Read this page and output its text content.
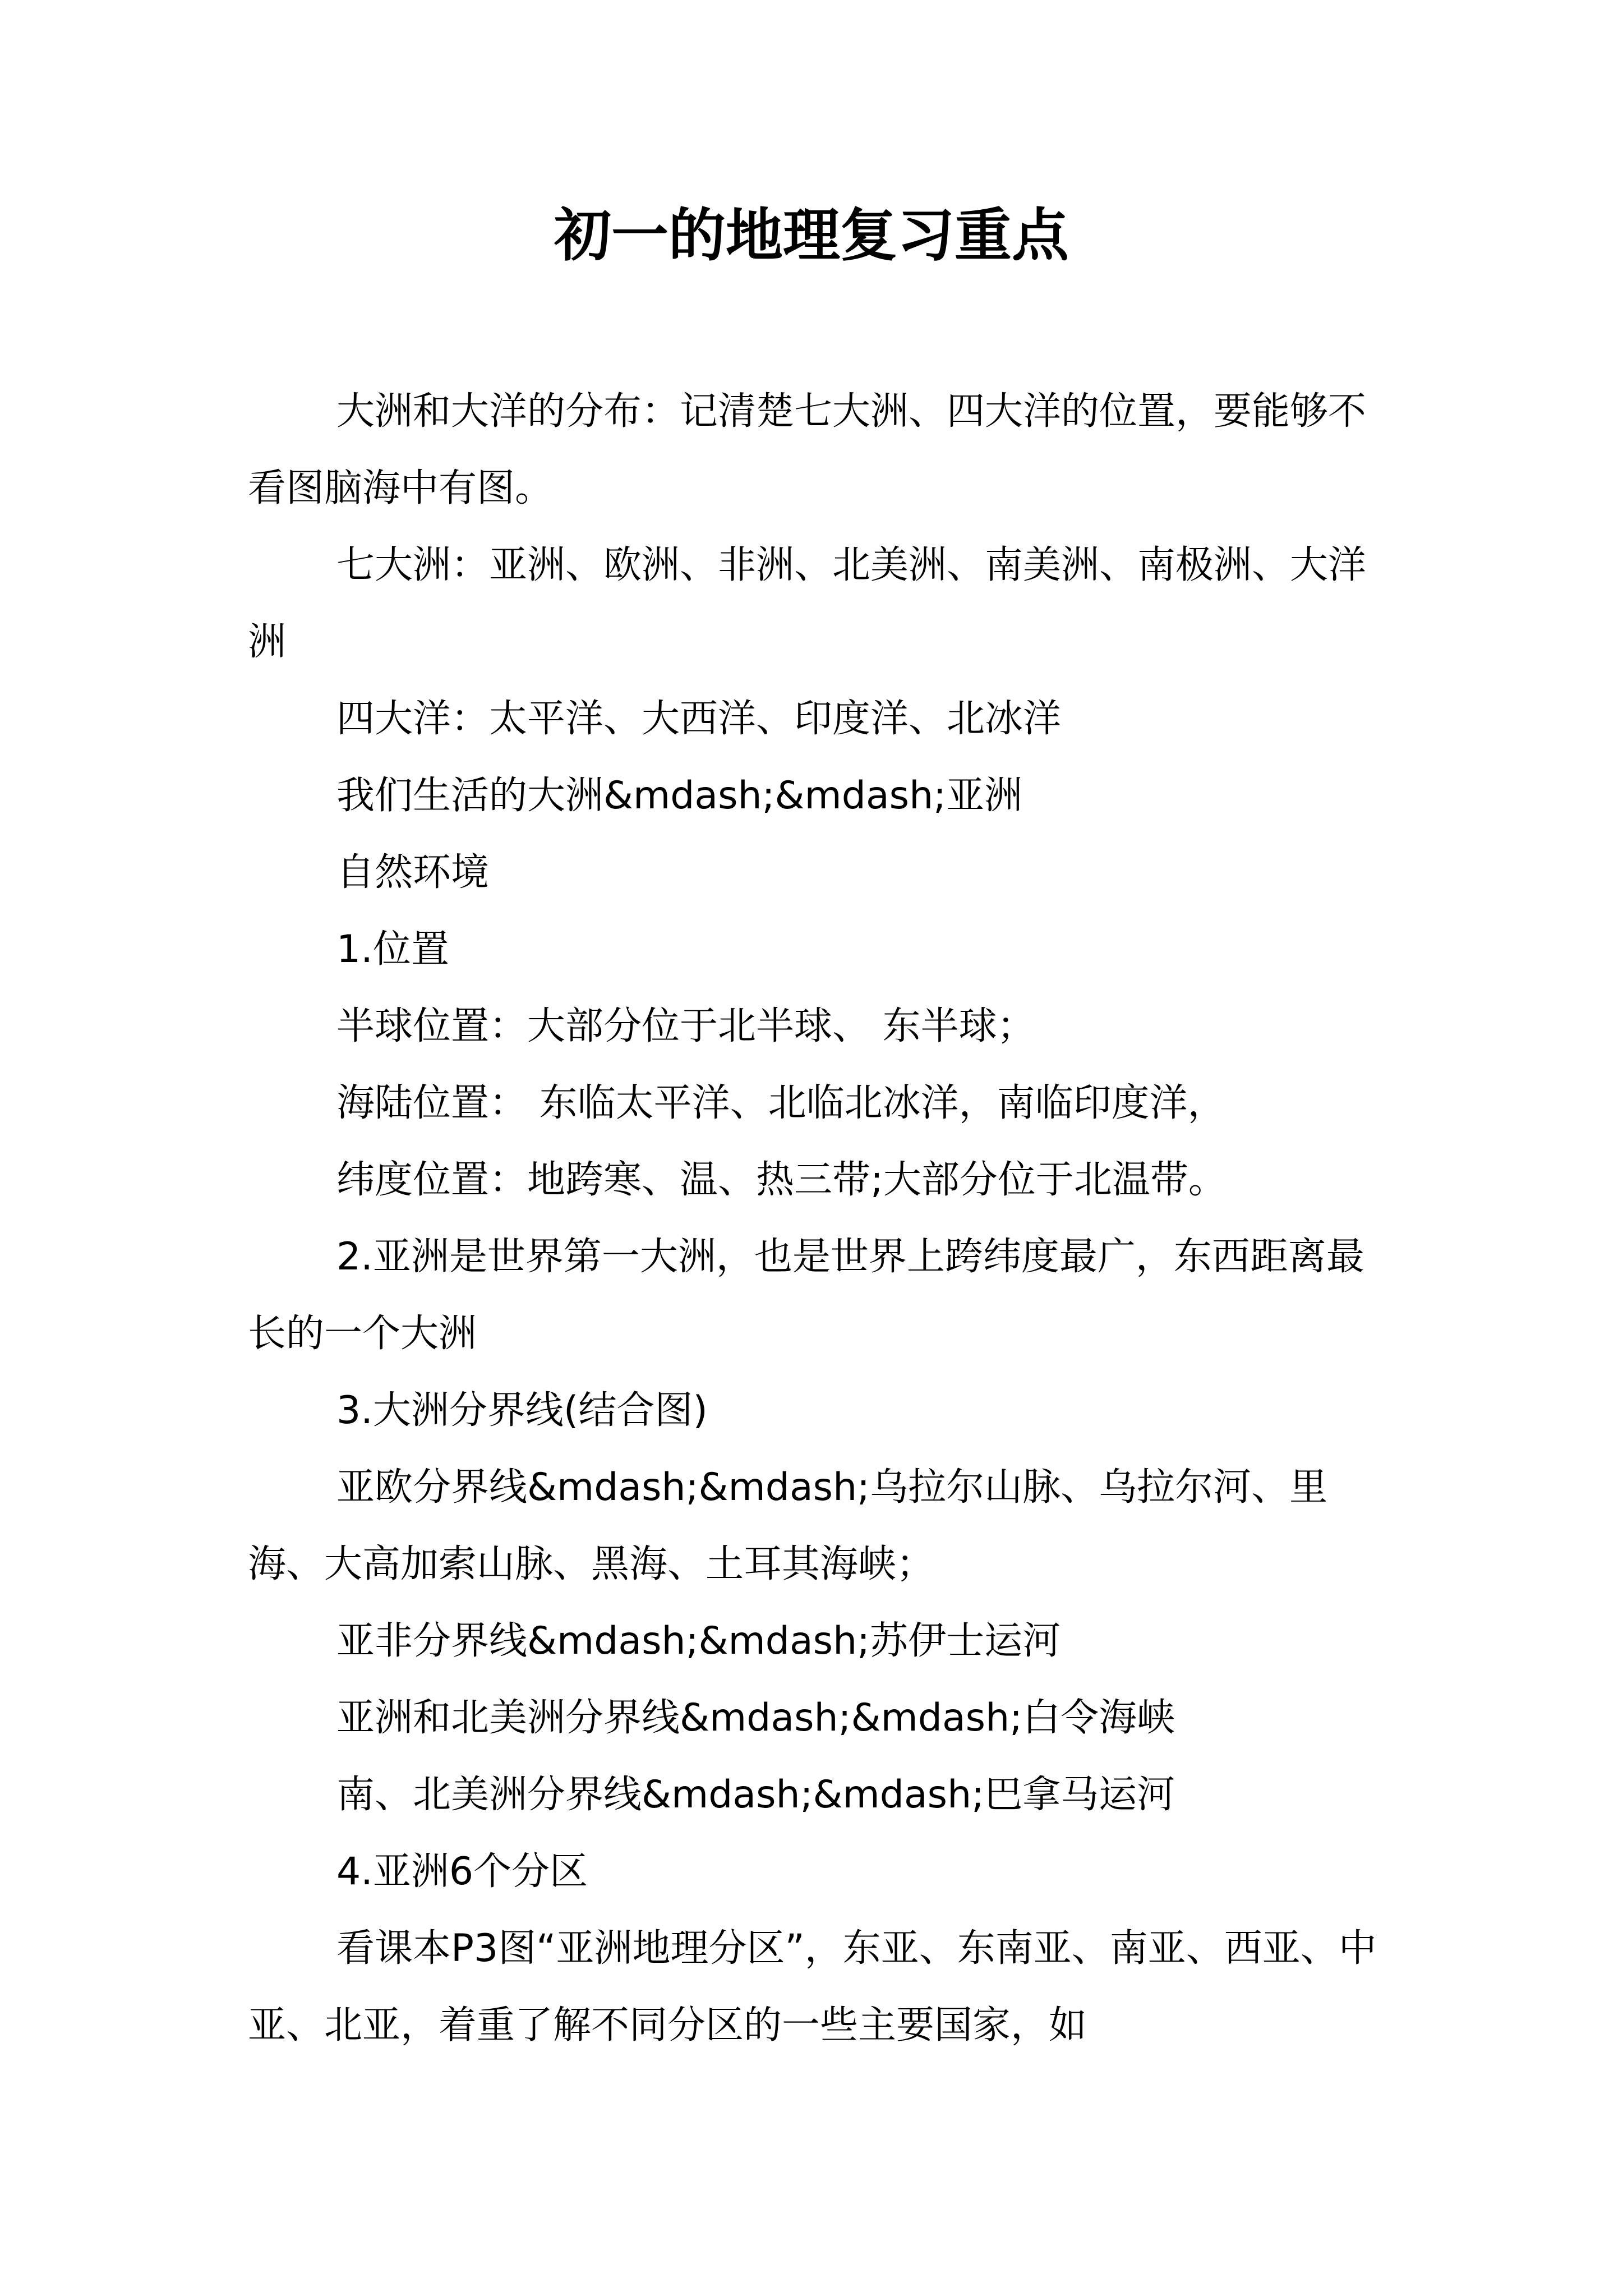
初一的地理复习重点

大洲和大洋的分布：记清楚七大洲、四大洋的位置，要能够不看图脑海中有图。

七大洲：亚洲、欧洲、非洲、北美洲、南美洲、南极洲、大洋洲

四大洋：太平洋、大西洋、印度洋、北冰洋

我们生活的大洲&mdash;&mdash;亚洲

自然环境

1.位置

半球位置：大部分位于北半球、 东半球；

海陆位置： 东临太平洋、北临北冰洋，南临印度洋，

纬度位置：地跨寒、温、热三带;大部分位于北温带。

2.亚洲是世界第一大洲，也是世界上跨纬度最广，东西距离最长的一个大洲

3.大洲分界线(结合图)

亚欧分界线&mdash;&mdash;乌拉尔山脉、乌拉尔河、里海、大高加索山脉、黑海、土耳其海峡；

亚非分界线&mdash;&mdash;苏伊士运河

亚洲和北美洲分界线&mdash;&mdash;白令海峡

南、北美洲分界线&mdash;&mdash;巴拿马运河

4.亚洲6个分区

看课本P3图“亚洲地理分区”，东亚、东南亚、南亚、西亚、中亚、北亚，着重了解不同分区的一些主要国家，如
